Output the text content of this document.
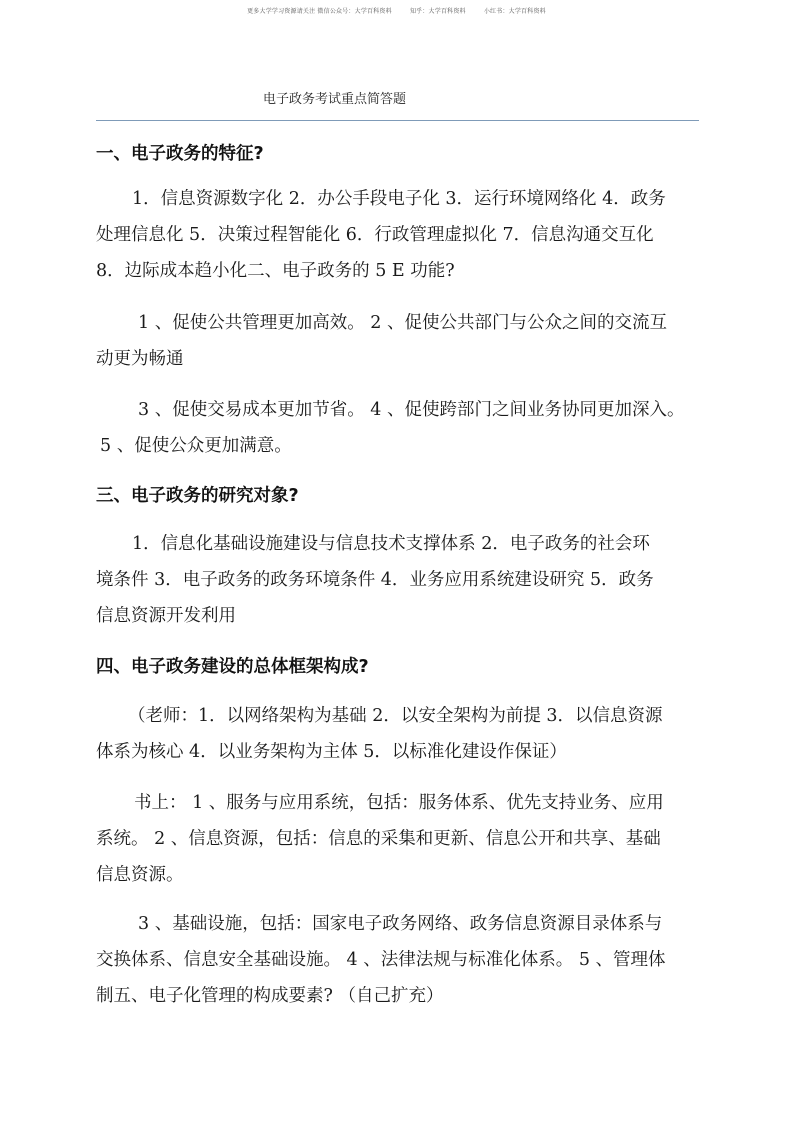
更多大学学习资源请关注 微信公众号：大学百科资料	知乎：大学百科资料	小红书：大学百科资料
电子政务考试重点简答题
一、电子政务的特征?
1．信息资源数字化 2．办公手段电子化 3．运行环境网络化 4．政务
处理信息化 5．决策过程智能化 6．行政管理虚拟化 7．信息沟通交互化
8．边际成本趋小化二、电子政务的 5 E 功能?
1 、促使公共管理更加高效。 2 、促使公共部门与公众之间的交流互
动更为畅通
3 、促使交易成本更加节省。 4 、促使跨部门之间业务协同更加深入。
5 、促使公众更加满意。
三、电子政务的研究对象?
1．信息化基础设施建设与信息技术支撑体系 2．电子政务的社会环
境条件 3．电子政务的政务环境条件 4．业务应用系统建设研究 5．政务
信息资源开发利用
四、电子政务建设的总体框架构成?
（老师：1．以网络架构为基础 2．以安全架构为前提 3．以信息资源
体系为核心 4．以业务架构为主体 5．以标准化建设作保证）
书上： 1 、服务与应用系统，包括：服务体系、优先支持业务、应用
系统。 2 、信息资源，包括：信息的采集和更新、信息公开和共享、基础
信息资源。
3 、基础设施，包括：国家电子政务网络、政务信息资源目录体系与
交换体系、信息安全基础设施。 4 、法律法规与标准化体系。 5 、管理体
制五、电子化管理的构成要素? （自己扩充）
